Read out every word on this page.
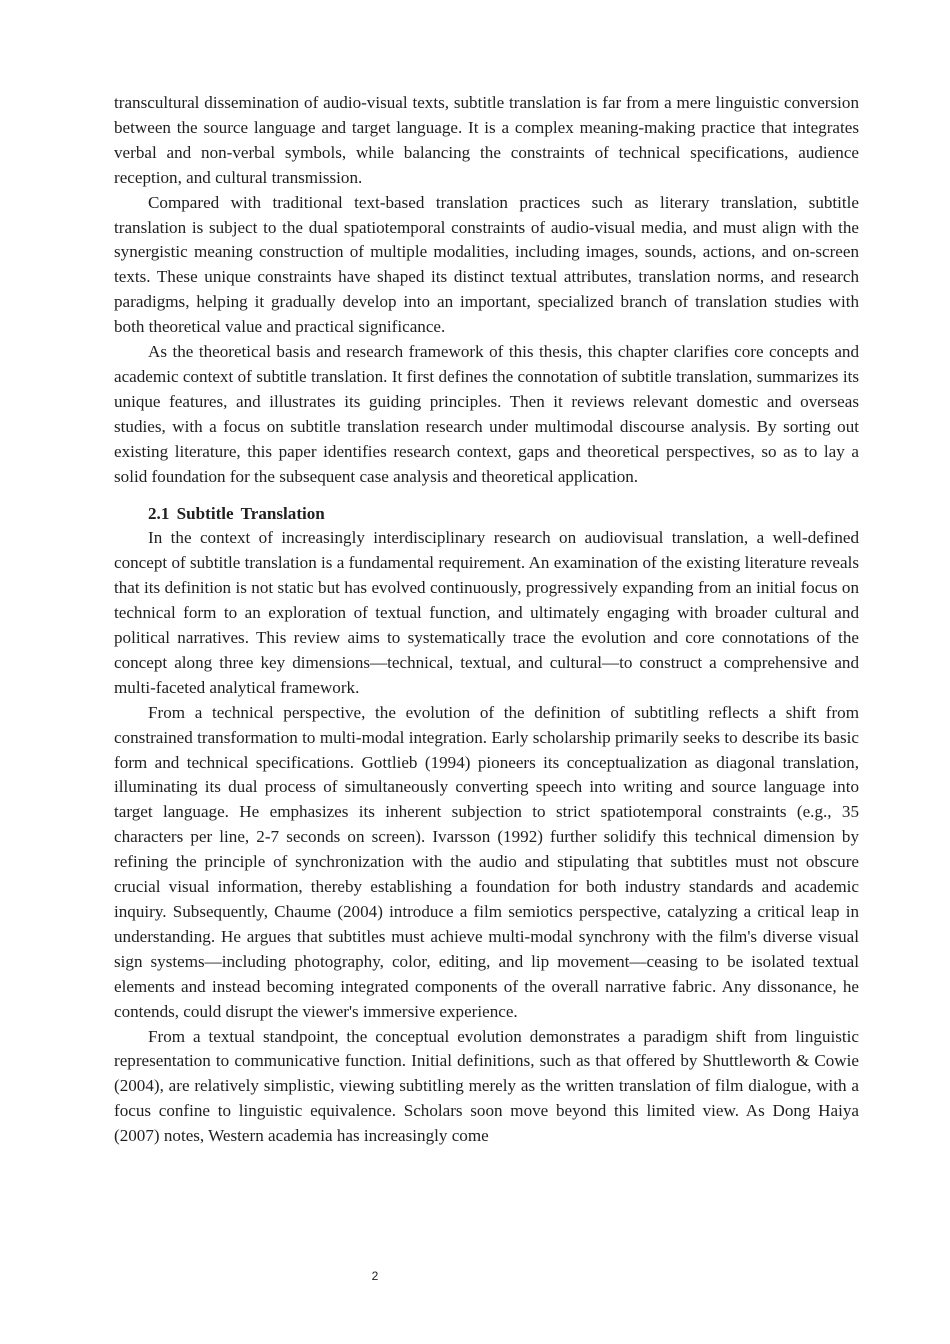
transcultural dissemination of audio-visual texts, subtitle translation is far from a mere linguistic conversion between the source language and target language. It is a complex meaning-making practice that integrates verbal and non-verbal symbols, while balancing the constraints of technical specifications, audience reception, and cultural transmission.

Compared with traditional text-based translation practices such as literary translation, subtitle translation is subject to the dual spatiotemporal constraints of audio-visual media, and must align with the synergistic meaning construction of multiple modalities, including images, sounds, actions, and on-screen texts. These unique constraints have shaped its distinct textual attributes, translation norms, and research paradigms, helping it gradually develop into an important, specialized branch of translation studies with both theoretical value and practical significance.

As the theoretical basis and research framework of this thesis, this chapter clarifies core concepts and academic context of subtitle translation. It first defines the connotation of subtitle translation, summarizes its unique features, and illustrates its guiding principles. Then it reviews relevant domestic and overseas studies, with a focus on subtitle translation research under multimodal discourse analysis. By sorting out existing literature, this paper identifies research context, gaps and theoretical perspectives, so as to lay a solid foundation for the subsequent case analysis and theoretical application.

2.1 Subtitle Translation

In the context of increasingly interdisciplinary research on audiovisual translation, a well-defined concept of subtitle translation is a fundamental requirement. An examination of the existing literature reveals that its definition is not static but has evolved continuously, progressively expanding from an initial focus on technical form to an exploration of textual function, and ultimately engaging with broader cultural and political narratives. This review aims to systematically trace the evolution and core connotations of the concept along three key dimensions—technical, textual, and cultural—to construct a comprehensive and multi-faceted analytical framework.

From a technical perspective, the evolution of the definition of subtitling reflects a shift from constrained transformation to multi-modal integration. Early scholarship primarily seeks to describe its basic form and technical specifications. Gottlieb (1994) pioneers its conceptualization as diagonal translation, illuminating its dual process of simultaneously converting speech into writing and source language into target language. He emphasizes its inherent subjection to strict spatiotemporal constraints (e.g., 35 characters per line, 2-7 seconds on screen). Ivarsson (1992) further solidify this technical dimension by refining the principle of synchronization with the audio and stipulating that subtitles must not obscure crucial visual information, thereby establishing a foundation for both industry standards and academic inquiry. Subsequently, Chaume (2004) introduce a film semiotics perspective, catalyzing a critical leap in understanding. He argues that subtitles must achieve multi-modal synchrony with the film's diverse visual sign systems—including photography, color, editing, and lip movement—ceasing to be isolated textual elements and instead becoming integrated components of the overall narrative fabric. Any dissonance, he contends, could disrupt the viewer's immersive experience.

From a textual standpoint, the conceptual evolution demonstrates a paradigm shift from linguistic representation to communicative function. Initial definitions, such as that offered by Shuttleworth & Cowie (2004), are relatively simplistic, viewing subtitling merely as the written translation of film dialogue, with a focus confine to linguistic equivalence. Scholars soon move beyond this limited view. As Dong Haiya (2007) notes, Western academia has increasingly come

2
